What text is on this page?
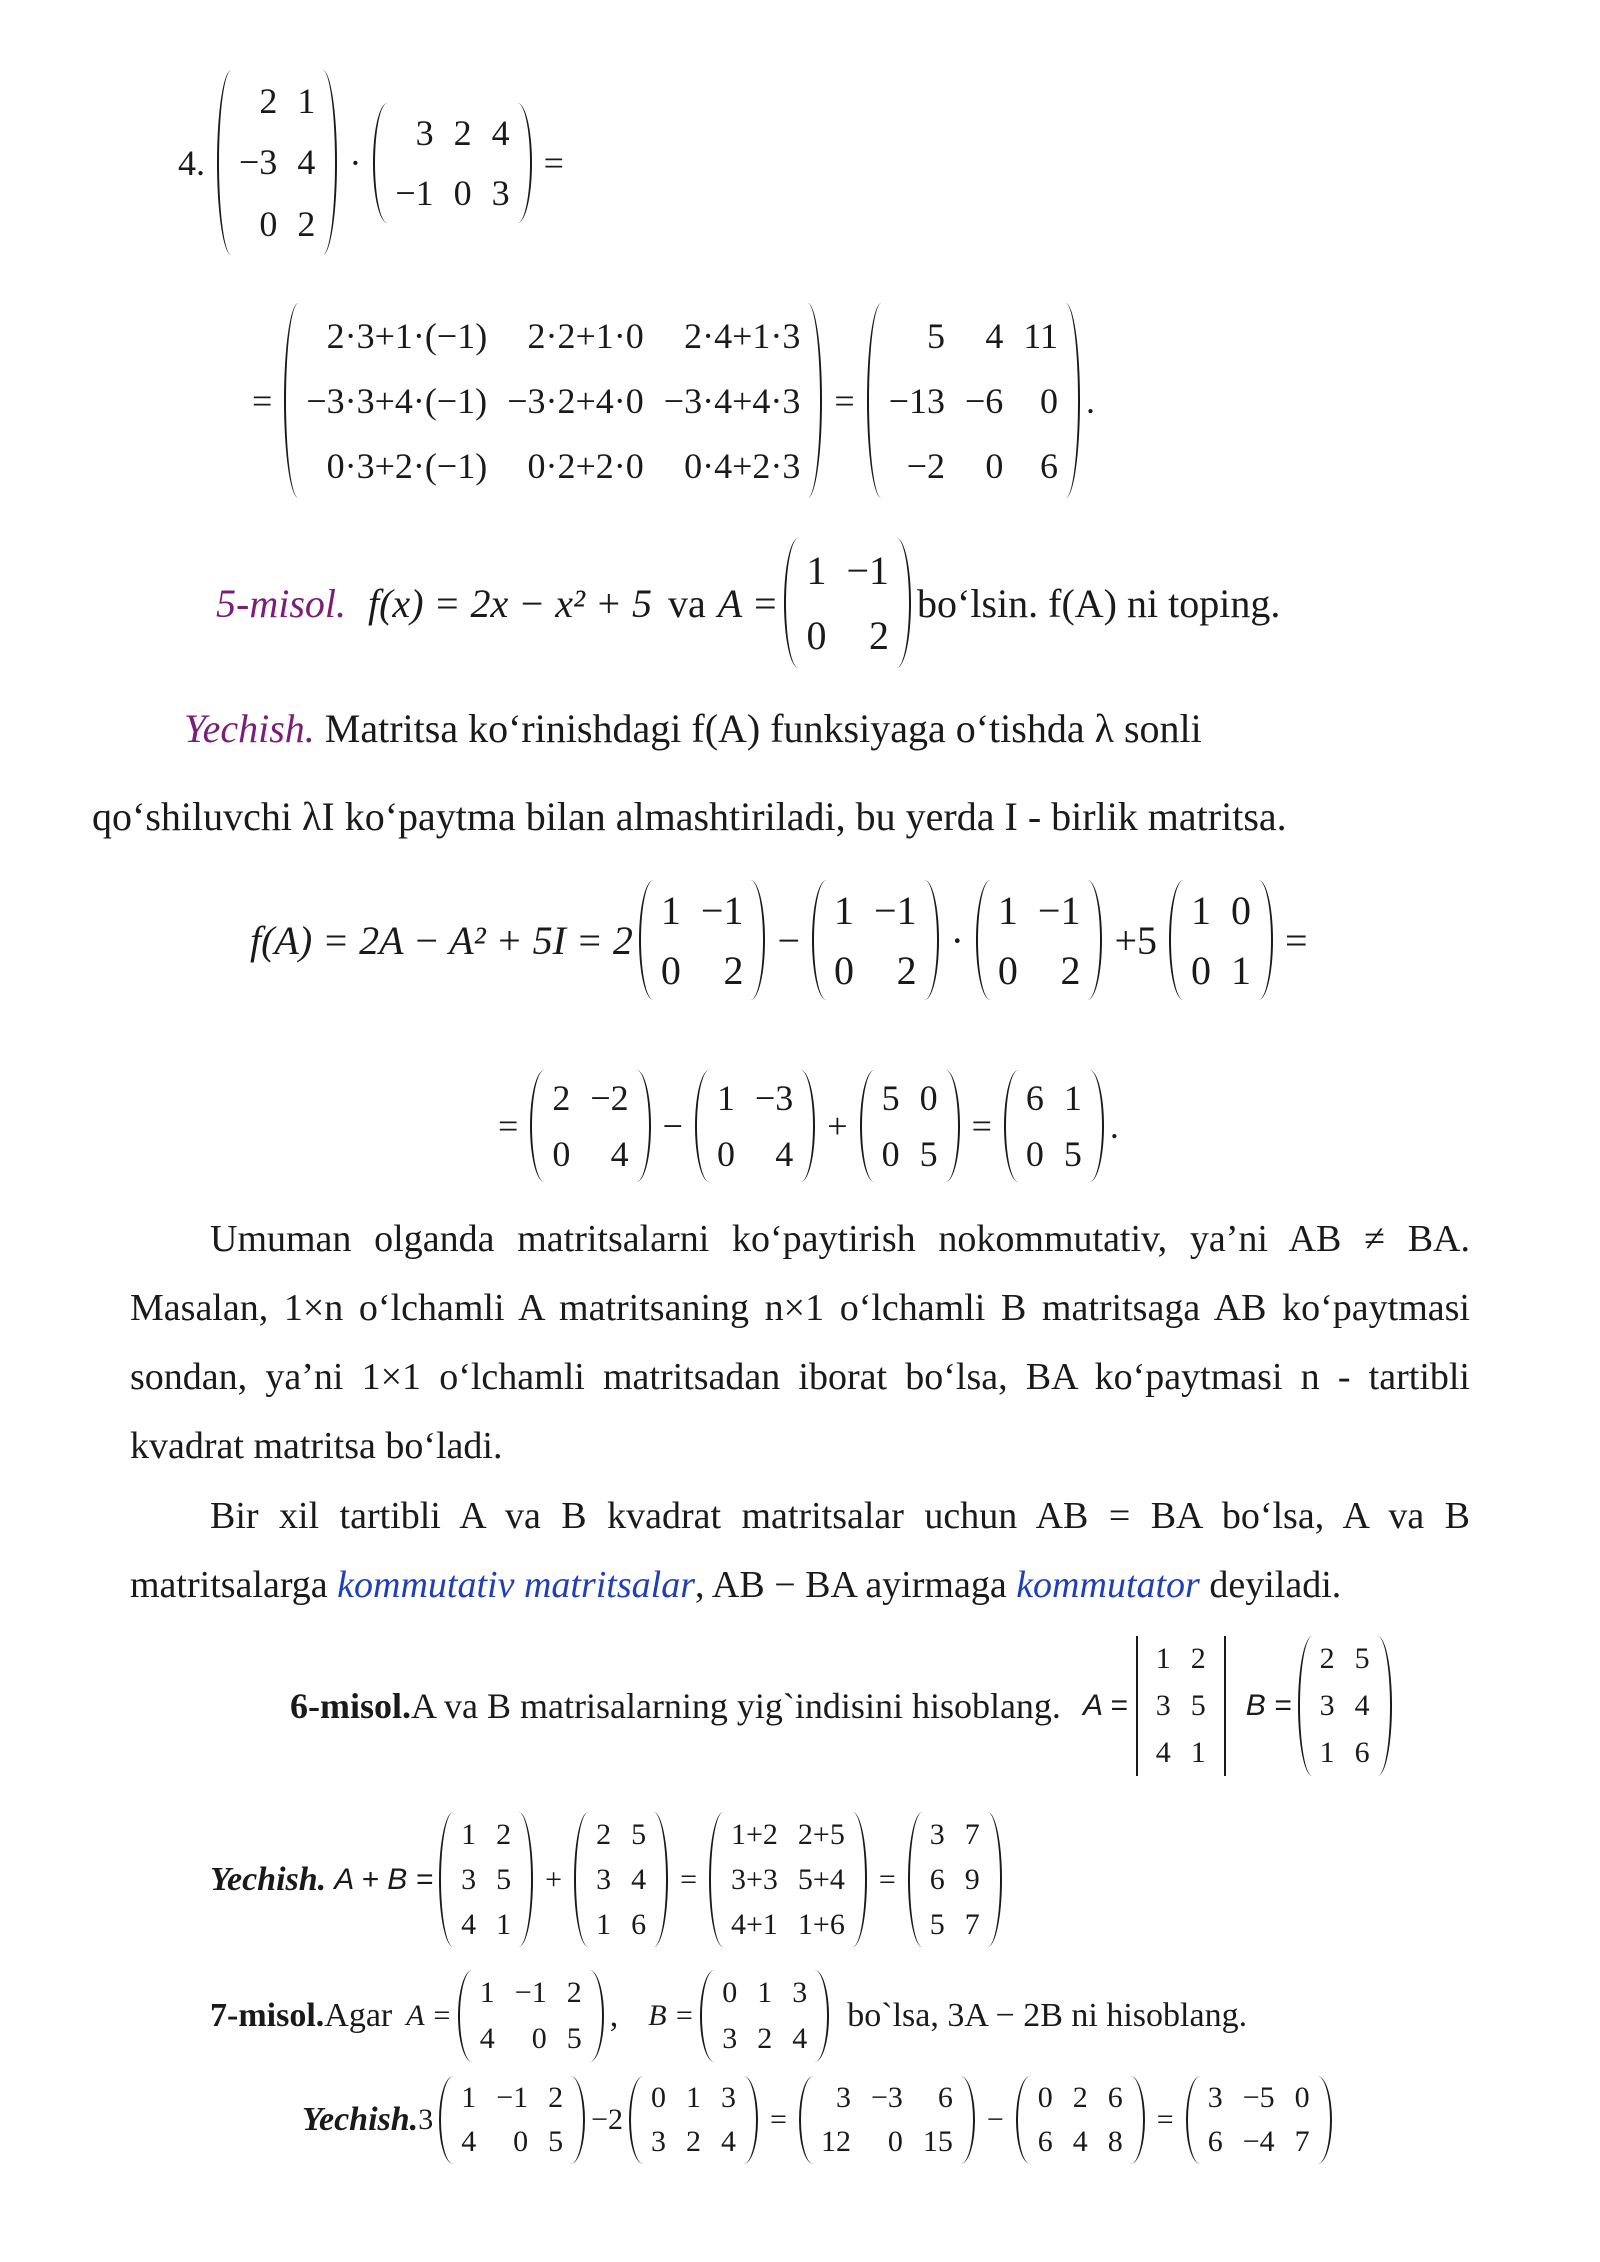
4.
2	1
−3	4
0	2
·
3	2	4
−1	0	3
=
=
2·3+1·(−1)	2·2+1·0	2·4+1·3
−3·3+4·(−1)	−3·2+4·0	−3·4+4·3
0·3+2·(−1)	0·2+2·0	0·4+2·3
=
5	4	11
−13	−6	0
−2	0	6
.
5-misol. f(x) = 2x − x² + 5 va A =
1	−1
0	2
bo‘lsin. f(A) ni toping.
Yechish. Matritsa ko‘rinishdagi f(A) funksiyaga o‘tishda λ sonli
qo‘shiluvchi λI ko‘paytma bilan almashtiriladi, bu yerda I - birlik matritsa.
f(A) = 2A − A² + 5I = 2
1	−1
0	2
−
1	−1
0	2
·
1	−1
0	2
+5
1	0
0	1
=
=
2	−2
0	4
−
1	−3
0	4
+
5	0
0	5
=
6	1
0	5
.

Umuman olganda matritsalarni ko‘paytirish nokommutativ, ya’ni AB ≠ BA. Masalan, 1×n o‘lchamli A matritsaning n×1 o‘lchamli B matritsaga AB ko‘paytmasi sondan, ya’ni 1×1 o‘lchamli matritsadan iborat bo‘lsa, BA ko‘paytmasi n - tartibli kvadrat matritsa bo‘ladi.

Bir xil tartibli A va B kvadrat matritsalar uchun AB = BA bo‘lsa, A va B matritsalarga kommutativ matritsalar, AB − BA ayirmaga kommutator deyiladi.

6-misol. A va B matrisalarning yig`indisini hisoblang. A =
1	2
3	5
4	1
B =
2	5
3	4
1	6
Yechish. A + B =
1	2
3	5
4	1
+
2	5
3	4
1	6
=
1+2	2+5
3+3	5+4
4+1	1+6
=
3	7
6	9
5	7
7-misol. Agar A =
1	−1	2
4	0	5
, B =
0	1	3
3	2	4
bo`lsa, 3A − 2B ni hisoblang.
Yechish. 3
1	−1	2
4	0	5
−2
0	1	3
3	2	4
=
3	−3	6
12	0	15
−
0	2	6
6	4	8
=
3	−5	0
6	−4	7
